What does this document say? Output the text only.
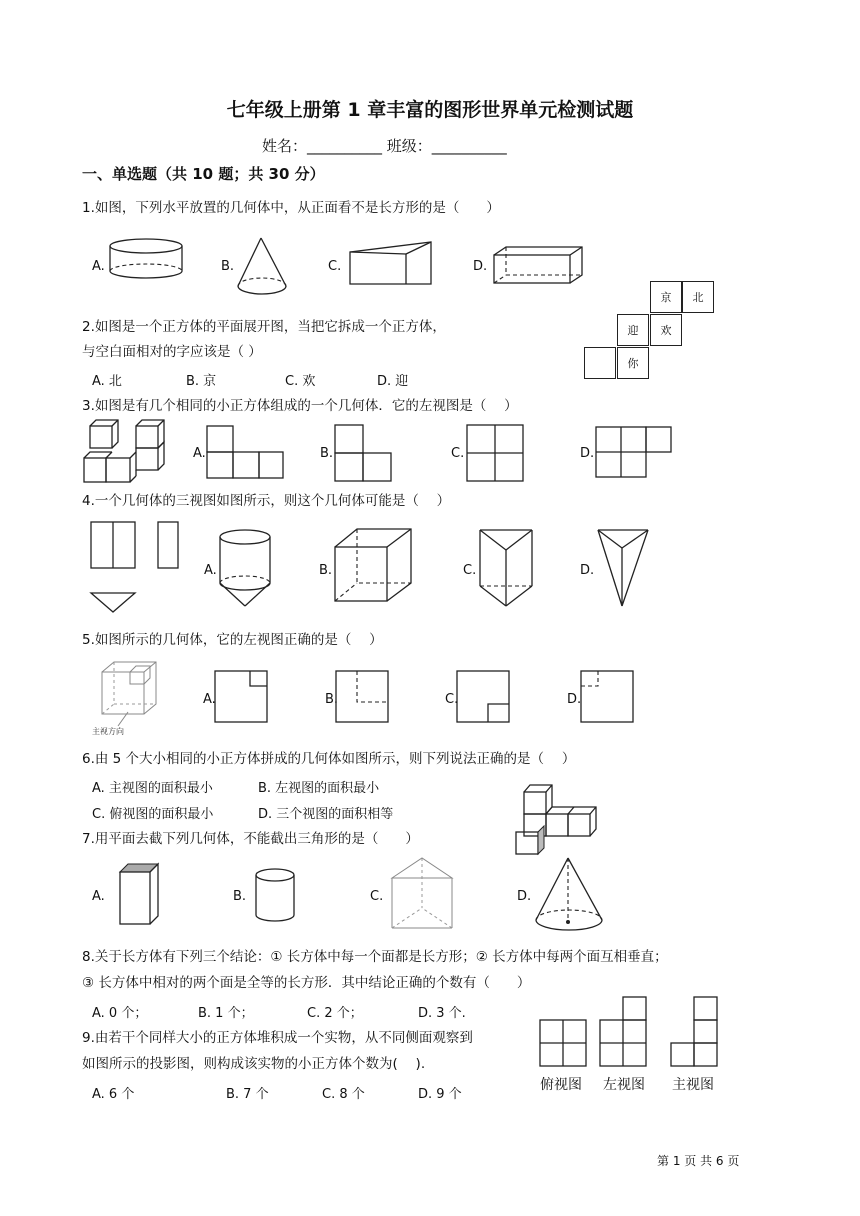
七年级上册第 1 章丰富的图形世界单元检测试题
姓名：__________ 班级：__________
一、单选题（共 10 题；共 30 分）
1.如图，下列水平放置的几何体中，从正面看不是长方形的是（　　）
A.	B.	C.	D.
2.如图是一个正方体的平面展开图，当把它拆成一个正方体，
与空白面相对的字应该是（ ）
A. 北	B. 京	C. 欢	D. 迎
京	北
迎	欢
你
3.如图是有几个相同的小正方体组成的一个几何体．它的左视图是（　 ）
A.	B.	C.	D.
4.一个几何体的三视图如图所示，则这个几何体可能是（　 ）
A.	B.	C.	D.
5.如图所示的几何体，它的左视图正确的是（　 ）
主视方向
A.	B.	C.	D.
6.由 5 个大小相同的小正方体拼成的几何体如图所示，则下列说法正确的是（　 ）
A. 主视图的面积最小	B. 左视图的面积最小
C. 俯视图的面积最小	D. 三个视图的面积相等
7.用平面去截下列几何体，不能截出三角形的是（　　）
A.	B.	C.	D.
8.关于长方体有下列三个结论：① 长方体中每一个面都是长方形；② 长方体中每两个面互相垂直；
③ 长方体中相对的两个面是全等的长方形．其中结论正确的个数有（　　）
A. 0 个；	B. 1 个；	C. 2 个；	D. 3 个.
9.由若干个同样大小的正方体堆积成一个实物，从不同侧面观察到
如图所示的投影图，则构成该实物的小正方体个数为(　 ).
A. 6 个	B. 7 个	C. 8 个	D. 9 个
俯视图 左视图 主视图
第 1 页 共 6 页
